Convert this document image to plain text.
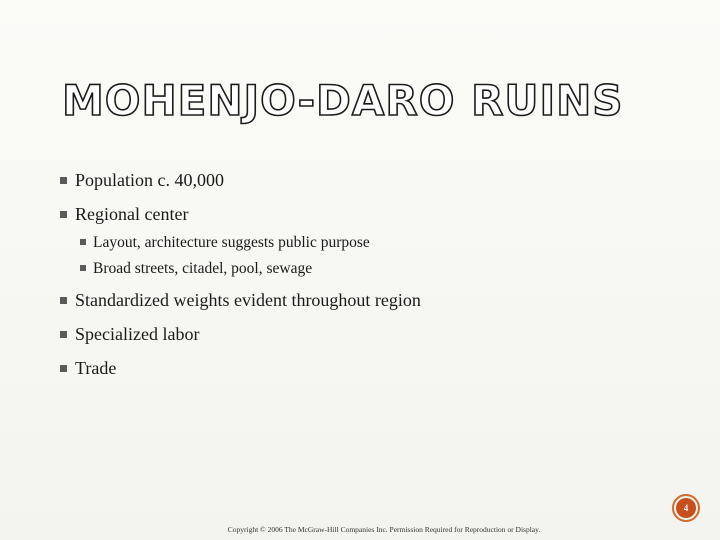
MOHENJO-DARO RUINS
Population c. 40,000
Regional center
Layout, architecture suggests public purpose
Broad streets, citadel, pool, sewage
Standardized weights evident throughout region
Specialized labor
Trade
4
Copyright © 2006 The McGraw-Hill Companies Inc. Permission Required for Reproduction or Display.
